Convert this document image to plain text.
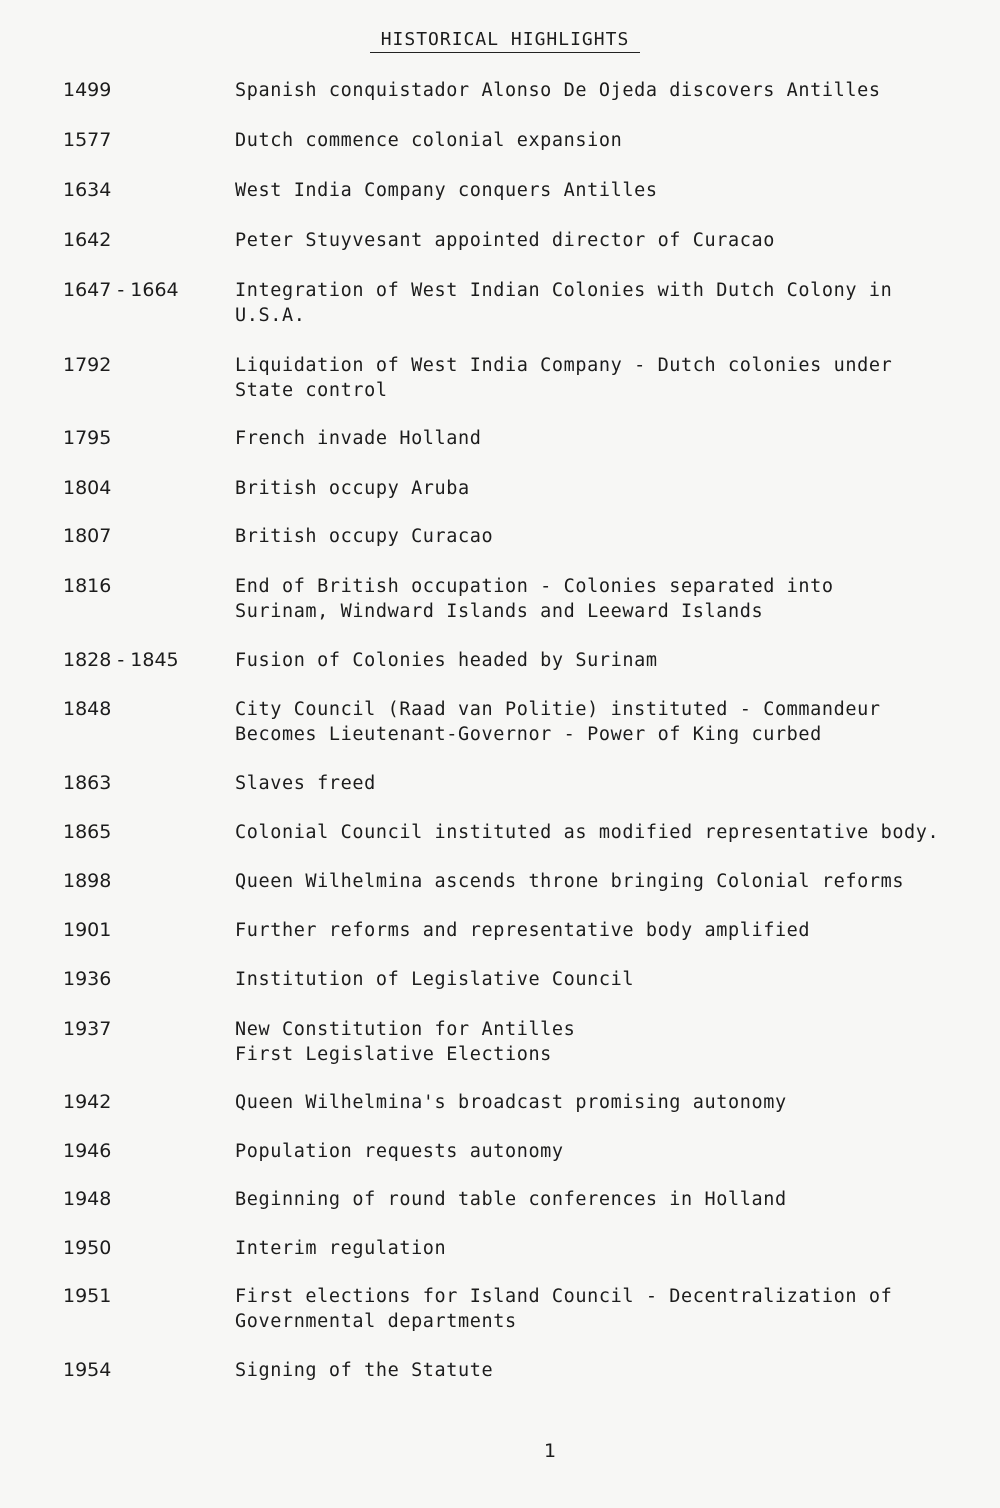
HISTORICAL HIGHLIGHTS
1499	Spanish conquistador Alonso De Ojeda discovers Antilles
1577	Dutch commence colonial expansion
1634	West India Company conquers Antilles
1642	Peter Stuyvesant appointed director of Curacao
1647 - 1664	Integration of West Indian Colonies with Dutch Colony in
U.S.A.
1792	Liquidation of West India Company - Dutch colonies under
State control
1795	French invade Holland
1804	British occupy Aruba
1807	British occupy Curacao
1816	End of British occupation - Colonies separated into
Surinam, Windward Islands and Leeward Islands
1828 - 1845	Fusion of Colonies headed by Surinam
1848	City Council (Raad van Politie) instituted - Commandeur
Becomes Lieutenant-Governor - Power of King curbed
1863	Slaves freed
1865	Colonial Council instituted as modified representative body.
1898	Queen Wilhelmina ascends throne bringing Colonial reforms
1901	Further reforms and representative body amplified
1936	Institution of Legislative Council
1937	New Constitution for Antilles
First Legislative Elections
1942	Queen Wilhelmina's broadcast promising autonomy
1946	Population requests autonomy
1948	Beginning of round table conferences in Holland
1950	Interim regulation
1951	First elections for Island Council - Decentralization of
Governmental departments
1954	Signing of the Statute
1
